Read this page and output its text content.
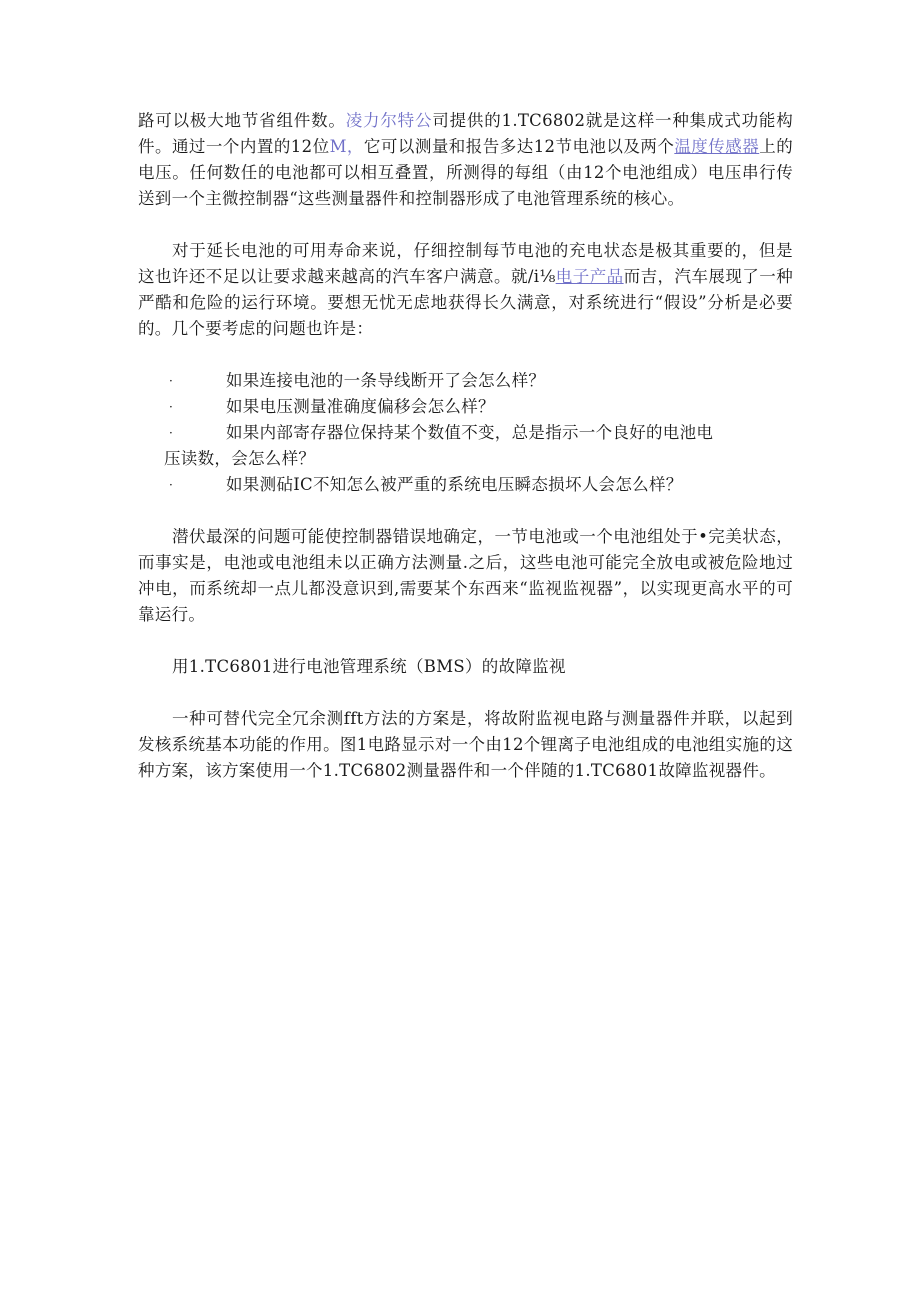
路可以极大地节省组件数。凌力尔特公司提供的1.TC6802就是这样一种集成式功能构件。通过一个内置的12位M，它可以测量和报告多达12节电池以及两个温度传感器上的电压。任何数任的电池都可以相互叠置，所测得的每组（由12个电池组成）电压串行传送到一个主微控制器“这些测量器件和控制器形成了电池管理系统的核心。

对于延长电池的可用寿命来说，仔细控制每节电池的充电状态是极其重要的，但是这也许还不足以让要求越来越高的汽车客户满意。就/i⅛电子产品而吉，汽车展现了一种严酷和危险的运行环境。要想无忧无虑地获得长久满意，对系统进行“假设”分析是必要的。几个要考虑的问题也许是：

·	如果连接电池的一条导线断开了会怎么样？
·	如果电压测量准确度偏移会怎么样？
·	如果内部寄存器位保持某个数值不变，总是指示一个良好的电池电
压读数，会怎么样？
·	如果测砧IC不知怎么被严重的系统电压瞬态损坏人会怎么样？

潜伏最深的问题可能使控制器错误地确定，一节电池或一个电池组处于•完美状态，而事实是，电池或电池组未以正确方法测量.之后，这些电池可能完全放电或被危险地过冲电，而系统却一点儿都没意识到,需要某个东西来“监视监视器”，以实现更高水平的可靠运行。

用1.TC6801进行电池管理系统（BMS）的故障监视

一种可替代完全冗余测fft方法的方案是，将故附监视电路与测量器件并联，以起到发核系统基本功能的作用。图1电路显示对一个由12个锂离子电池组成的电池组实施的这种方案，该方案使用一个1.TC6802测量器件和一个伴随的1.TC6801故障监视器件。
